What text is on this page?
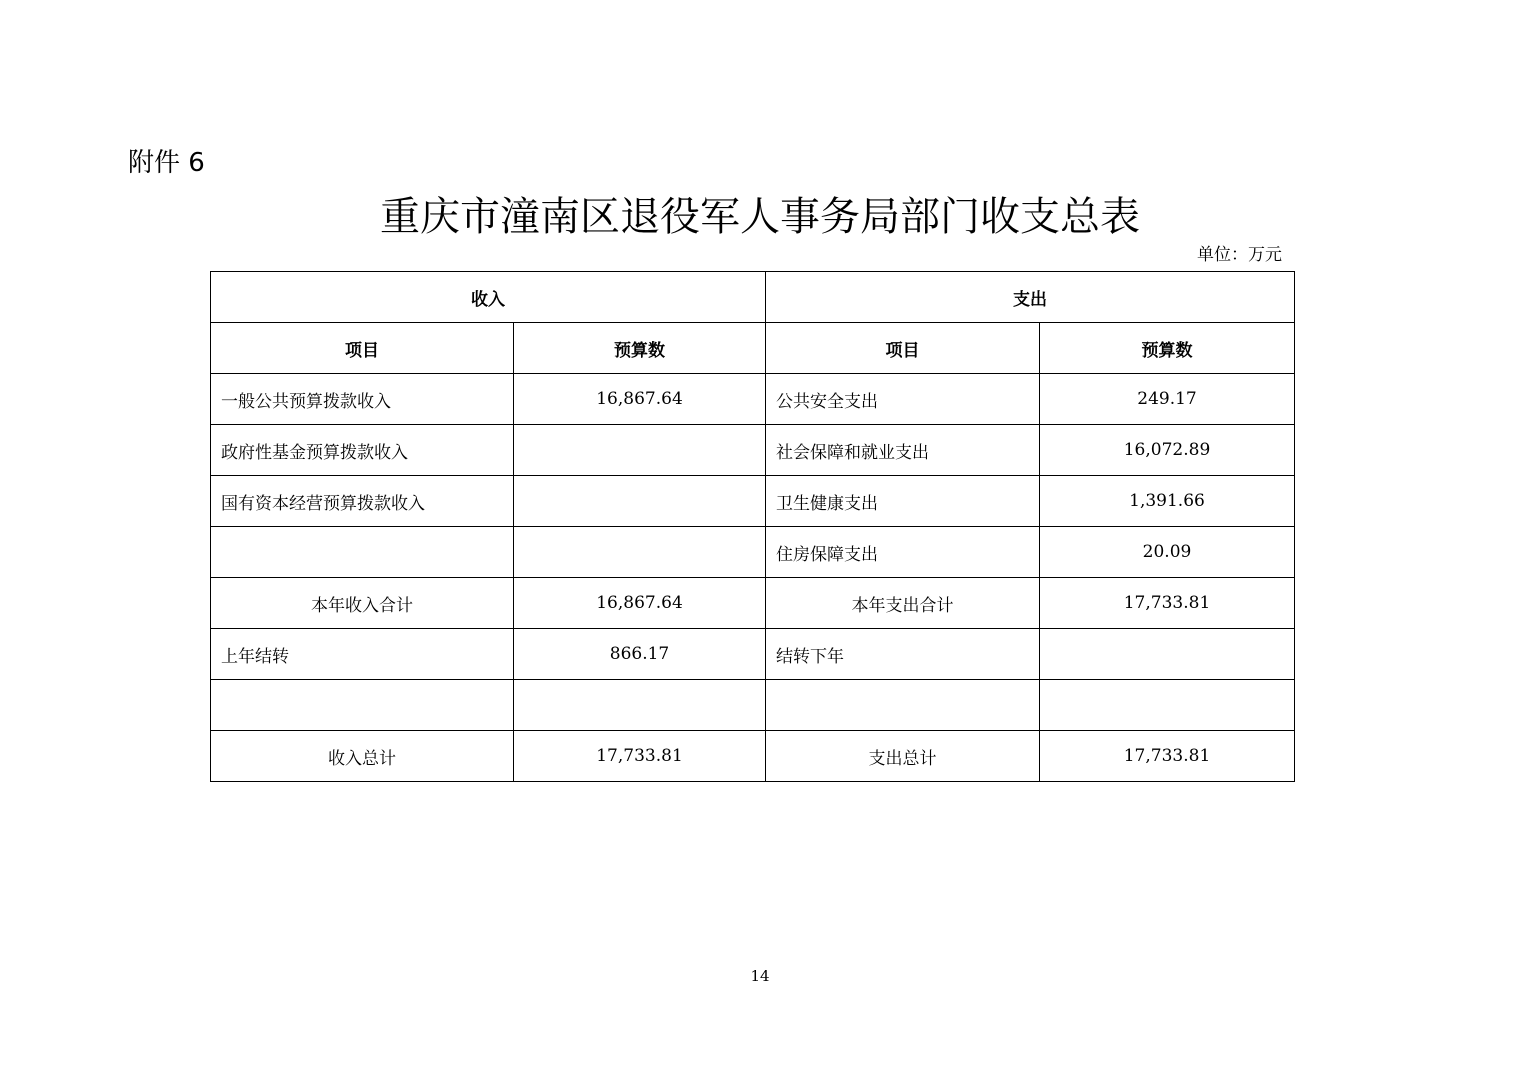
附件 6
重庆市潼南区退役军人事务局部门收支总表
单位：万元
收入		支出	
项目	预算数	项目	预算数
一般公共预算拨款收入	16,867.64	公共安全支出	249.17
政府性基金预算拨款收入		社会保障和就业支出	16,072.89
国有资本经营预算拨款收入		卫生健康支出	1,391.66
		住房保障支出	20.09
本年收入合计	16,867.64	本年支出合计	17,733.81
上年结转	866.17	结转下年	

收入总计	17,733.81	支出总计	17,733.81
14
